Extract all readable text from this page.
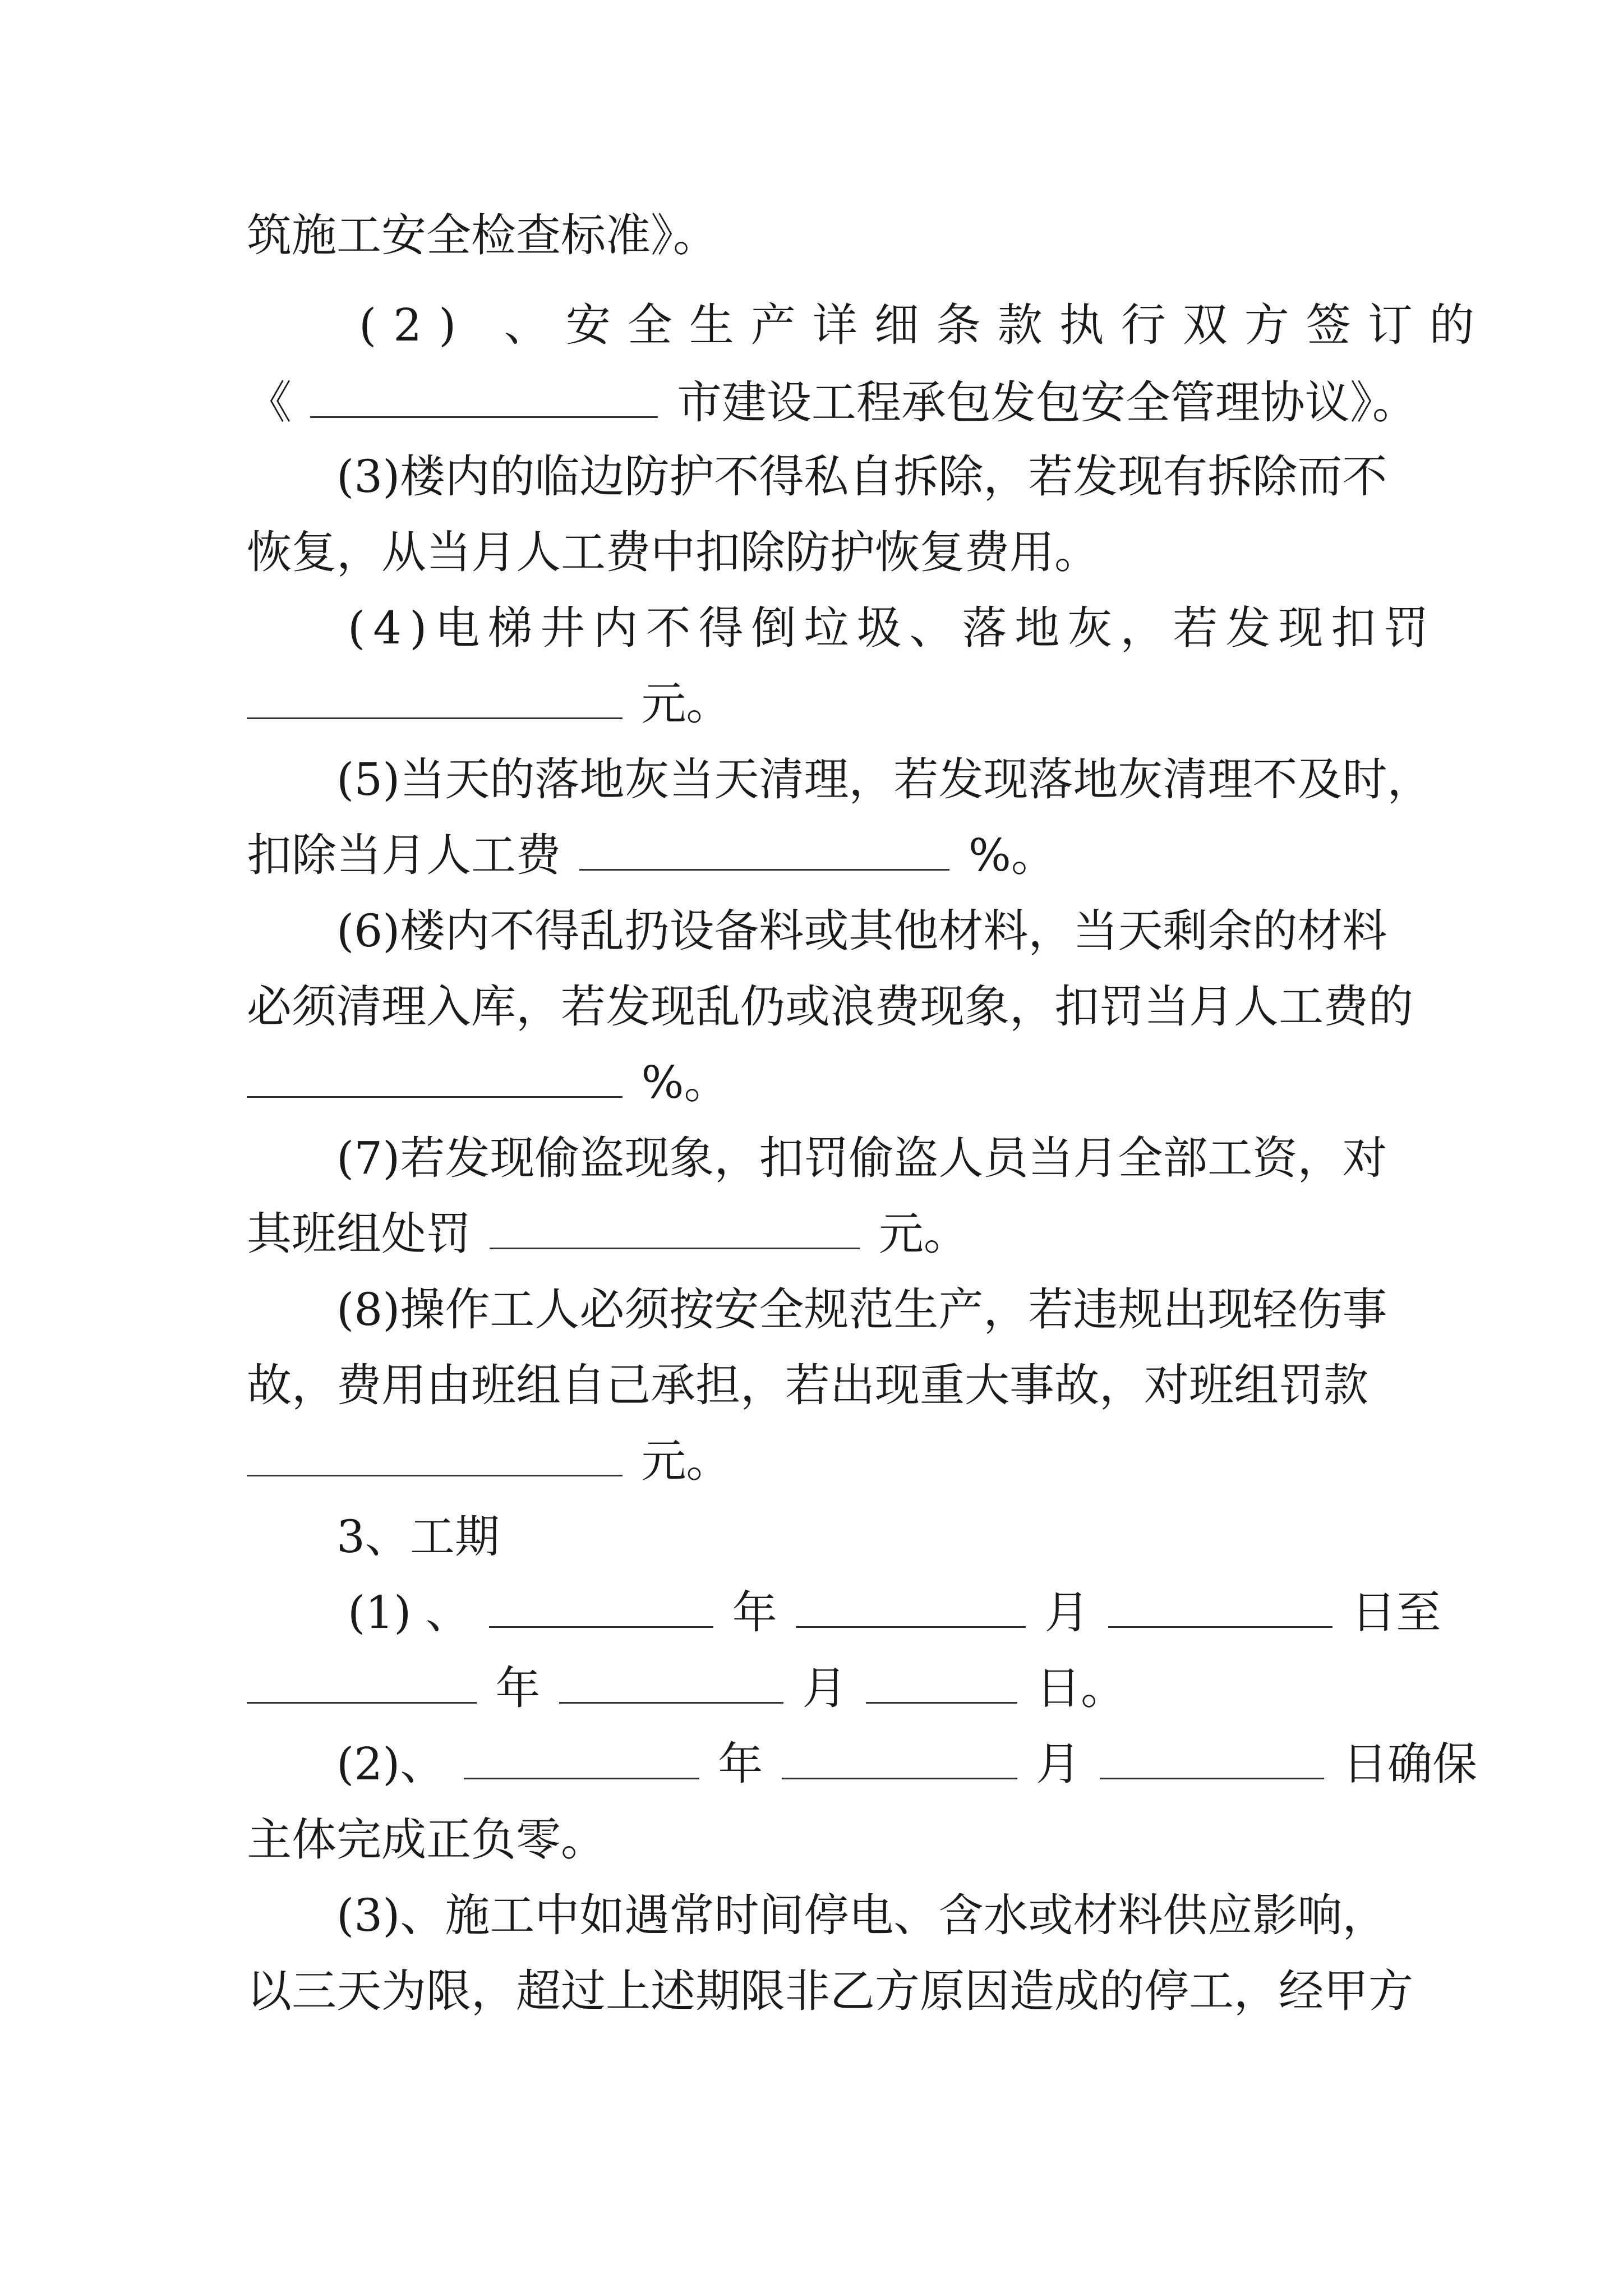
筑施工安全检查标准》。
(2) 、安全生产详细条款执行双方签订的
《	市建设工程承包发包安全管理协议》。
(3)楼内的临边防护不得私自拆除，若发现有拆除而不
恢复，从当月人工费中扣除防护恢复费用。
(4)电梯井内不得倒垃圾、落地灰，若发现扣罚
元。
(5)当天的落地灰当天清理，若发现落地灰清理不及时，
扣除当月人工费	%。
(6)楼内不得乱扔设备料或其他材料，当天剩余的材料
必须清理入库，若发现乱仍或浪费现象，扣罚当月人工费的
%。
(7)若发现偷盗现象，扣罚偷盗人员当月全部工资，对
其班组处罚	元。
(8)操作工人必须按安全规范生产，若违规出现轻伤事
故，费用由班组自己承担，若出现重大事故，对班组罚款
元。
3、工期
(1) 、	年	月	日至
年	月	日。
(2)、	年	月	日确保
主体完成正负零。
(3)、施工中如遇常时间停电、含水或材料供应影响，
以三天为限，超过上述期限非乙方原因造成的停工，经甲方
